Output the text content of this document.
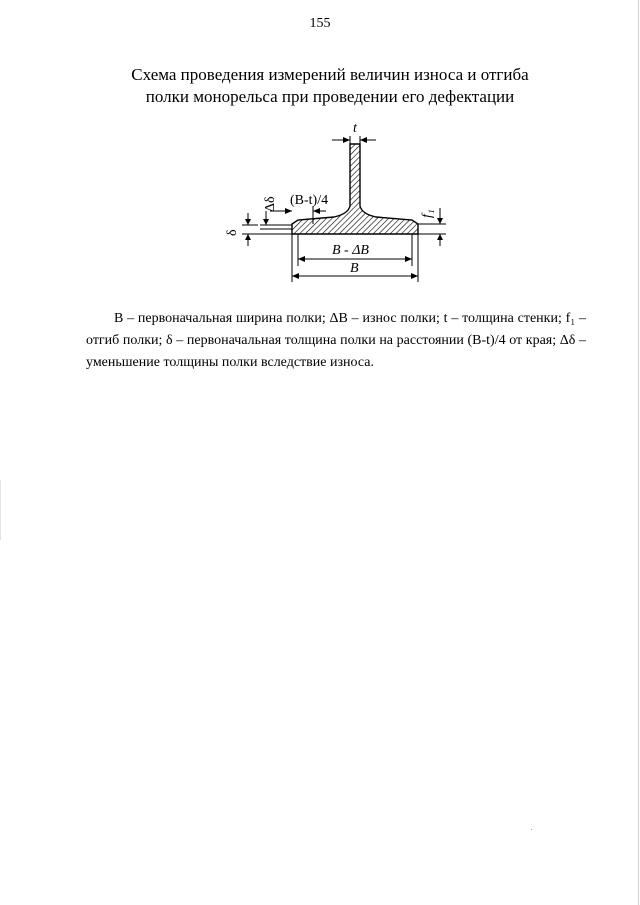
155
Схема проведения измерений величин износа и отгиба
полки монорельса при проведении его дефектации
t
(B-t)/4
Δδ
δ
f₁
B - ΔB
B

B – первоначальная ширина полки; ΔB – износ полки; t – толщина стенки; f₁ – отгиб полки; δ – первоначальная толщина полки на расстоянии (B-t)/4 от края; Δδ – уменьшение толщины полки вследствие износа.
